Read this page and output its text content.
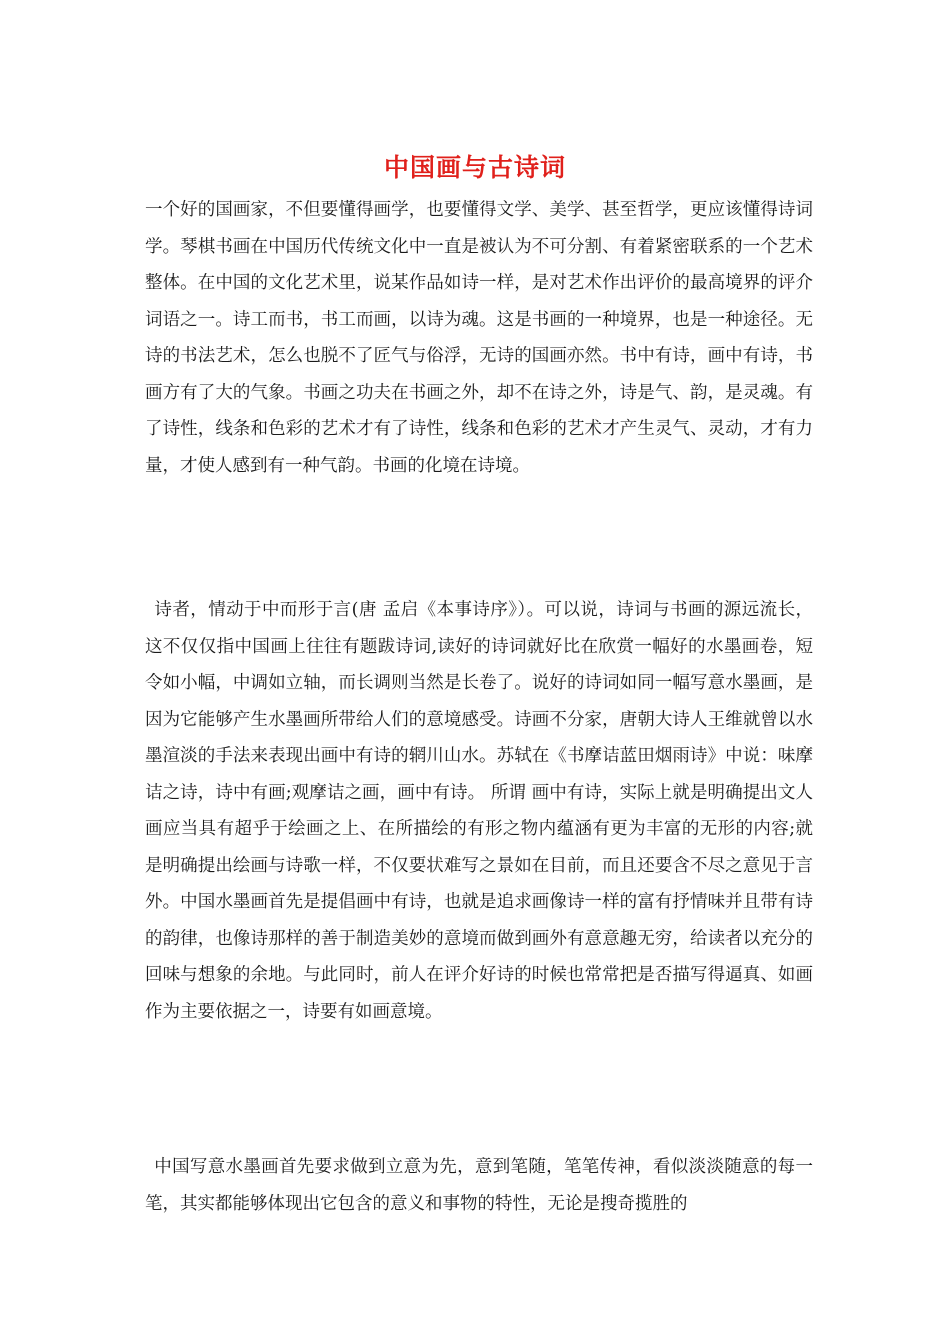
中国画与古诗词

一个好的国画家，不但要懂得画学，也要懂得文学、美学、甚至哲学，更应该懂得诗词学。琴棋书画在中国历代传统文化中一直是被认为不可分割、有着紧密联系的一个艺术整体。在中国的文化艺术里，说某作品如诗一样，是对艺术作出评价的最高境界的评介词语之一。诗工而书，书工而画，以诗为魂。这是书画的一种境界，也是一种途径。无诗的书法艺术，怎么也脱不了匠气与俗浮，无诗的国画亦然。书中有诗，画中有诗，书画方有了大的气象。书画之功夫在书画之外，却不在诗之外，诗是气、韵，是灵魂。有了诗性，线条和色彩的艺术才有了诗性，线条和色彩的艺术才产生灵气、灵动，才有力量，才使人感到有一种气韵。书画的化境在诗境。

诗者，情动于中而形于言(唐 孟启《本事诗序》）。可以说，诗词与书画的源远流长，这不仅仅指中国画上往往有题跋诗词,读好的诗词就好比在欣赏一幅好的水墨画卷，短令如小幅，中调如立轴，而长调则当然是长卷了。说好的诗词如同一幅写意水墨画，是因为它能够产生水墨画所带给人们的意境感受。诗画不分家，唐朝大诗人王维就曾以水墨渲淡的手法来表现出画中有诗的辋川山水。苏轼在《书摩诘蓝田烟雨诗》中说：味摩诘之诗，诗中有画;观摩诘之画，画中有诗。 所谓 画中有诗，实际上就是明确提出文人画应当具有超乎于绘画之上、在所描绘的有形之物内蕴涵有更为丰富的无形的内容;就是明确提出绘画与诗歌一样，不仅要状难写之景如在目前，而且还要含不尽之意见于言外。中国水墨画首先是提倡画中有诗，也就是追求画像诗一样的富有抒情味并且带有诗的韵律，也像诗那样的善于制造美妙的意境而做到画外有意意趣无穷，给读者以充分的回味与想象的余地。与此同时，前人在评介好诗的时候也常常把是否描写得逼真、如画作为主要依据之一，诗要有如画意境。

中国写意水墨画首先要求做到立意为先，意到笔随，笔笔传神，看似淡淡随意的每一笔，其实都能够体现出它包含的意义和事物的特性，无论是搜奇揽胜的
